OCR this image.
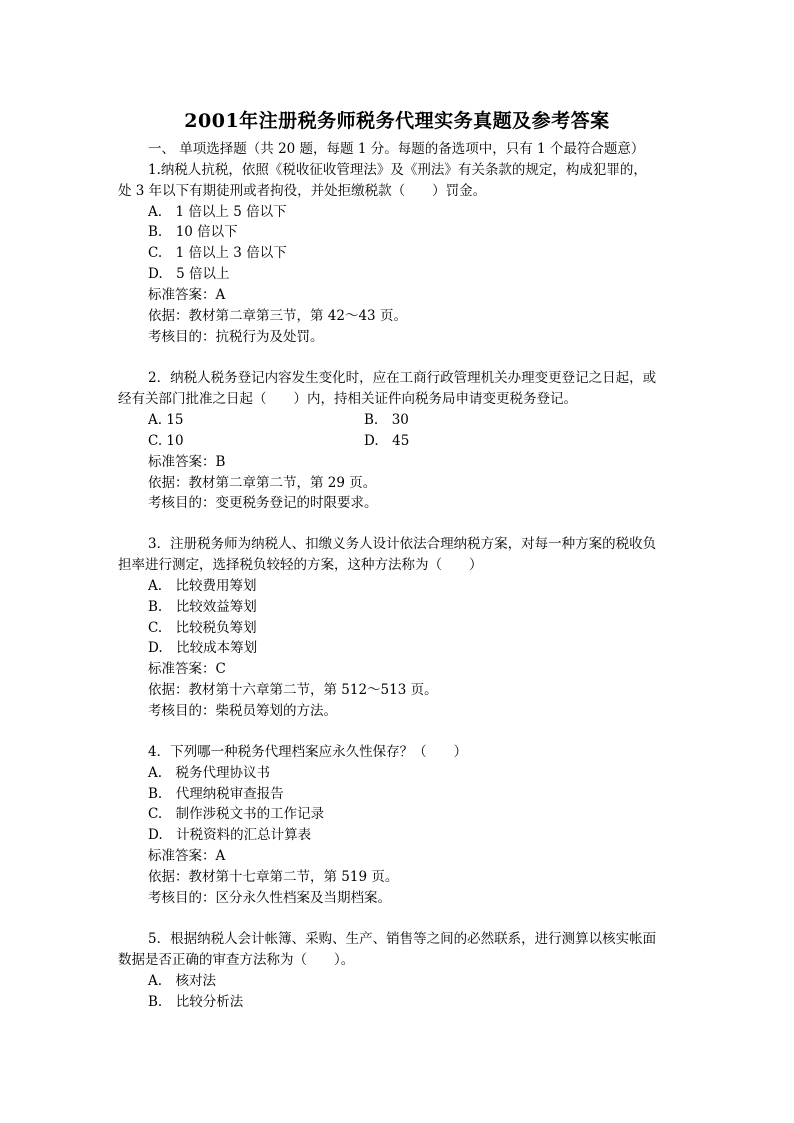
2001年注册税务师税务代理实务真题及参考答案
一、 单项选择题（共 20 题，每题 1 分。每题的备选项中，只有 1 个最符合题意）
1.纳税人抗税，依照《税收征收管理法》及《刑法》有关条款的规定，构成犯罪的，
处 3 年以下有期徒刑或者拘役，并处拒缴税款（　　）罚金。
A.　1 倍以上 5 倍以下
B.　10 倍以下
C.　1 倍以上 3 倍以下
D.　5 倍以上
标准答案：A
依据：教材第二章第三节，第 42～43 页。
考核目的：抗税行为及处罚。
2．纳税人税务登记内容发生变化时，应在工商行政管理机关办理变更登记之日起，或
经有关部门批准之日起（　　）内，持相关证件向税务局申请变更税务登记。
A. 15	B.　30
C. 10	D.　45
标准答案：B
依据：教材第二章第二节，第 29 页。
考核目的：变更税务登记的时限要求。
3．注册税务师为纳税人、扣缴义务人设计依法合理纳税方案，对每一种方案的税收负
担率进行测定，选择税负较轻的方案，这种方法称为（　　）
A.　比较费用筹划
B.　比较效益筹划
C.　比较税负筹划
D.　比较成本筹划
标准答案：C
依据：教材第十六章第二节，第 512～513 页。
考核目的：柴税员筹划的方法。
4．下列哪一种税务代理档案应永久性保存？（　　）
A.　税务代理协议书
B.　代理纳税审查报告
C.　制作涉税文书的工作记录
D.　计税资料的汇总计算表
标准答案：A
依据：教材第十七章第二节，第 519 页。
考核目的：区分永久性档案及当期档案。
5．根据纳税人会计帐簿、采购、生产、销售等之间的必然联系，进行测算以核实帐面
数据是否正确的审查方法称为（　　）。
A.　核对法
B.　比较分析法
